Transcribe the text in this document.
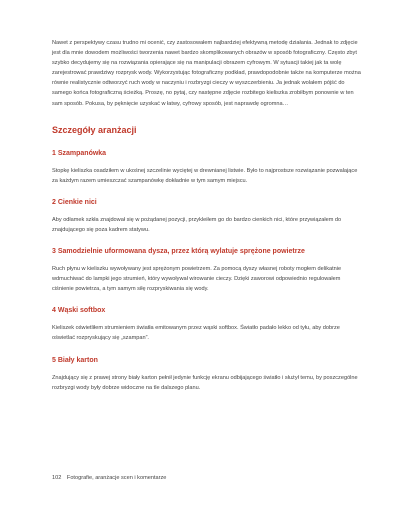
Nawet z perspektywy czasu trudno mi ocenić, czy zastosowałem najbardziej efektywną metodę działania. Jednak to zdjęcie jest dla mnie dowodem możliwości tworzenia nawet bardzo skomplikowanych obrazów w sposób fotograficzny. Często zbyt szybko decydujemy się na rozwiązania opierające się na manipulacji obrazem cyfrowym. W sytuacji takiej jak ta wolę zarejestrować prawdziwy rozprysk wody. Wykorzystując fotograficzny podkład, prawdopodobnie także na komputerze można równie realistycznie odtworzyć ruch wody w naczyniu i rozbryzgi cieczy w wyszczerbieniu. Ja jednak wolałem pójść do samego końca fotograficzną ścieżką. Proszę, no pytaj, czy następne zdjęcie rozbitego kieliszka zrobiłbym ponownie w ten sam sposób. Pokusa, by pęknięcie uzyskać w łatwy, cyfrowy sposób, jest naprawdę ogromna…

Szczegóły aranżacji
1 Szampanówka

Stopkę kieliszka osadziłem w ukośnej szczelinie wyciętej w drewnianej listwie. Było to najprostsze rozwiązanie pozwalające za każdym razem umieszczać szampanówkę dokładnie w tym samym miejscu.

2 Cienkie nici

Aby odłamek szkła znajdował się w pożądanej pozycji, przykleiłem go do bardzo cienkich nici, które przywiązałem do znajdującego się poza kadrem statywu.

3 Samodzielnie uformowana dysza, przez którą wylatuje sprężone powietrze

Ruch płynu w kieliszku wywoływany jest sprężonym powietrzem. Za pomocą dyszy własnej roboty mogłem delikatnie wdmuchiwać do lampki jego strumień, który wywoływał wirowanie cieczy. Dzięki zaworowi odpowiednio regulowałem ciśnienie powietrza, a tym samym siłę rozpryskiwania się wody.

4 Wąski softbox

Kieliszek oświetliłem strumieniem światła emitowanym przez wąski softbox. Światło padało lekko od tyłu, aby dobrze oświetlać rozpryskujący się „szampan”.

5 Biały karton

Znajdujący się z prawej strony biały karton pełnił jedynie funkcję ekranu odbijającego światło i służył temu, by poszczególne rozbryzgi wody były dobrze widoczne na tle dalszego planu.

102 Fotografie, aranżacje scen i komentarze
